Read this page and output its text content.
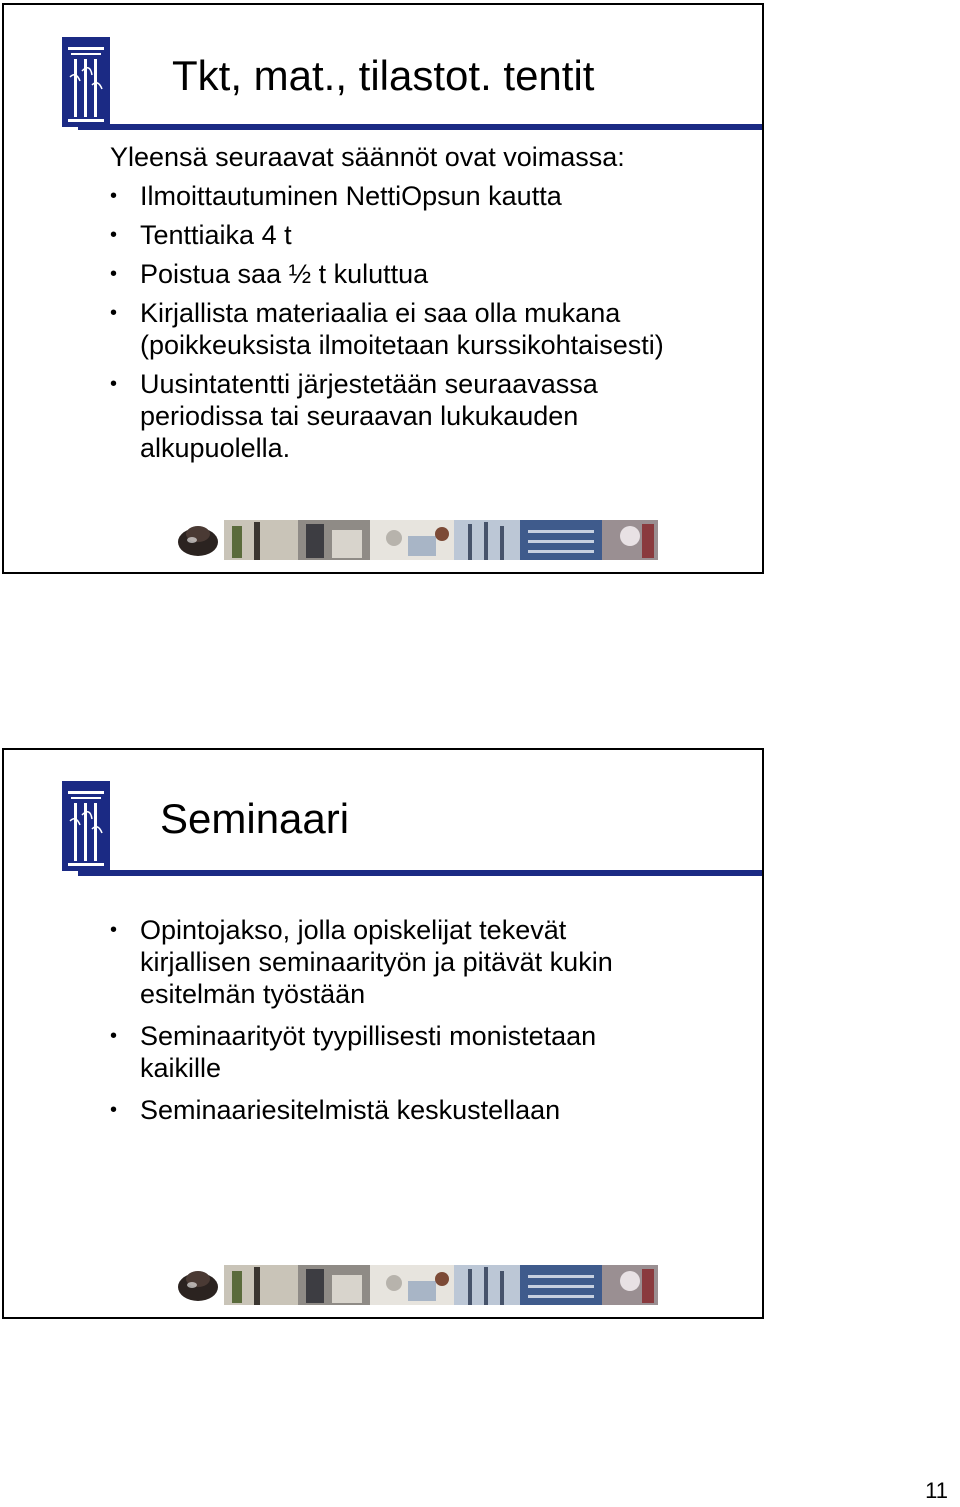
Tkt, mat., tilastot. tentit

Yleensä seuraavat säännöt ovat voimassa:

• Ilmoittautuminen NettiOpsun kautta
• Tenttiaika 4 t
• Poistua saa ½ t kuluttua
• Kirjallista materiaalia ei saa olla mukana
(poikkeuksista ilmoitetaan kurssikohtaisesti)
• Uusintatentti järjestetään seuraavassa
periodissa tai seuraavan lukukauden
alkupuolella.
Seminaari
• Opintojakso, jolla opiskelijat tekevät
kirjallisen seminaarityön ja pitävät kukin
esitelmän työstään
• Seminaarityöt tyypillisesti monistetaan
kaikille
• Seminaariesitelmistä keskustellaan
11
